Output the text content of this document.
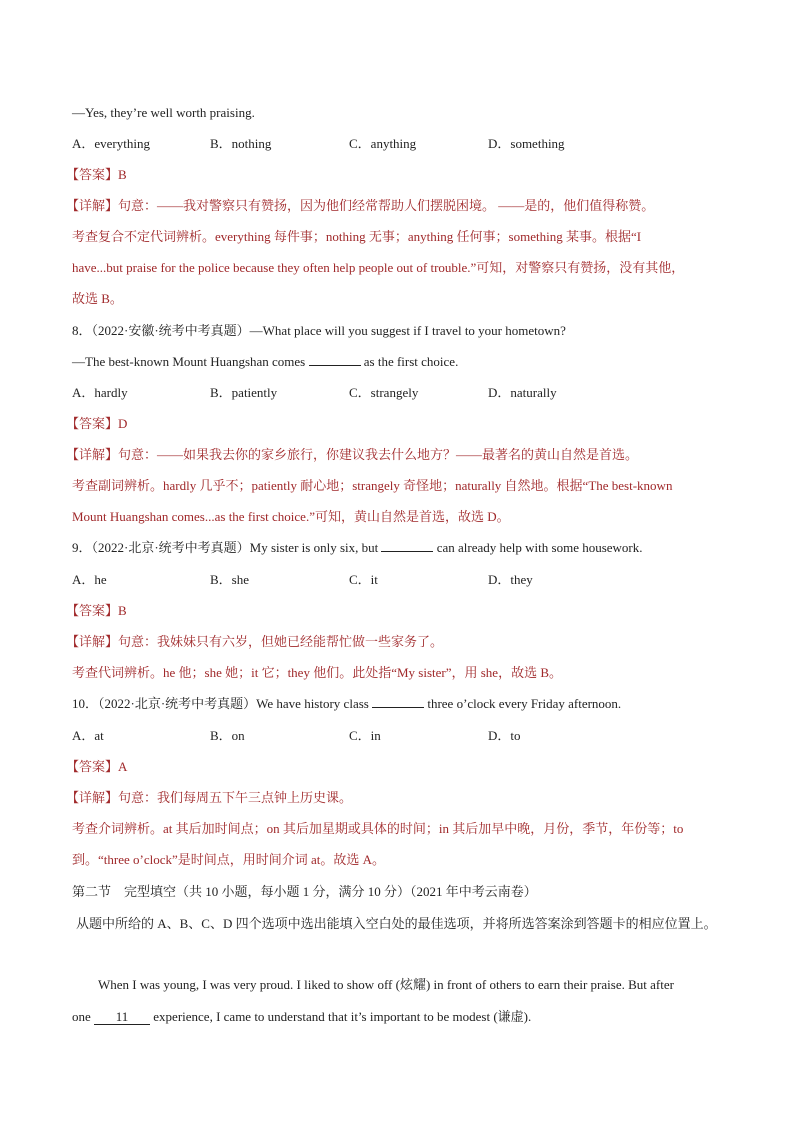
—Yes, they’re well worth praising.
A．everything	B．nothing	C．anything	D．something
【答案】B
【详解】句意：——我对警察只有赞扬，因为他们经常帮助人们摆脱困境。 ——是的，他们值得称赞。
考查复合不定代词辨析。everything 每件事；nothing 无事；anything 任何事；something 某事。根据“I
have...but praise for the police because they often help people out of trouble.”可知，对警察只有赞扬，没有其他，
故选 B。
8．（2022·安徽·统考中考真题）—What place will you suggest if I travel to your hometown?
—The best-known Mount Huangshan comes	as the first choice.
A．hardly	B．patiently	C．strangely	D．naturally
【答案】D
【详解】句意：——如果我去你的家乡旅行，你建议我去什么地方？——最著名的黄山自然是首选。
考查副词辨析。hardly 几乎不；patiently 耐心地；strangely 奇怪地；naturally 自然地。根据“The best-known
Mount Huangshan comes...as the first choice.”可知，黄山自然是首选，故选 D。
9．（2022·北京·统考中考真题）My sister is only six, but	can already help with some housework.
A．he	B．she	C．it	D．they
【答案】B
【详解】句意：我妹妹只有六岁，但她已经能帮忙做一些家务了。
考查代词辨析。he 他；she 她；it 它；they 他们。此处指“My sister”，用 she，故选 B。
10．（2022·北京·统考中考真题）We have history class	three o’clock every Friday afternoon.
A．at	B．on	C．in	D．to
【答案】A
【详解】句意：我们每周五下午三点钟上历史课。
考查介词辨析。at 其后加时间点；on 其后加星期或具体的时间；in 其后加早中晚，月份，季节，年份等；to
到。“three o’clock”是时间点，用时间介词 at。故选 A。
第二节　完型填空（共 10 小题，每小题 1 分，满分 10 分）（2021 年中考云南卷）
从题中所给的 A、B、C、D 四个选项中选出能填入空白处的最佳选项，并将所选答案涂到答题卡的相应位置上。
When I was young, I was very proud. I liked to show off (炫耀) in front of others to earn their praise. But after
one 11 experience, I came to understand that it’s important to be modest (谦虚).
